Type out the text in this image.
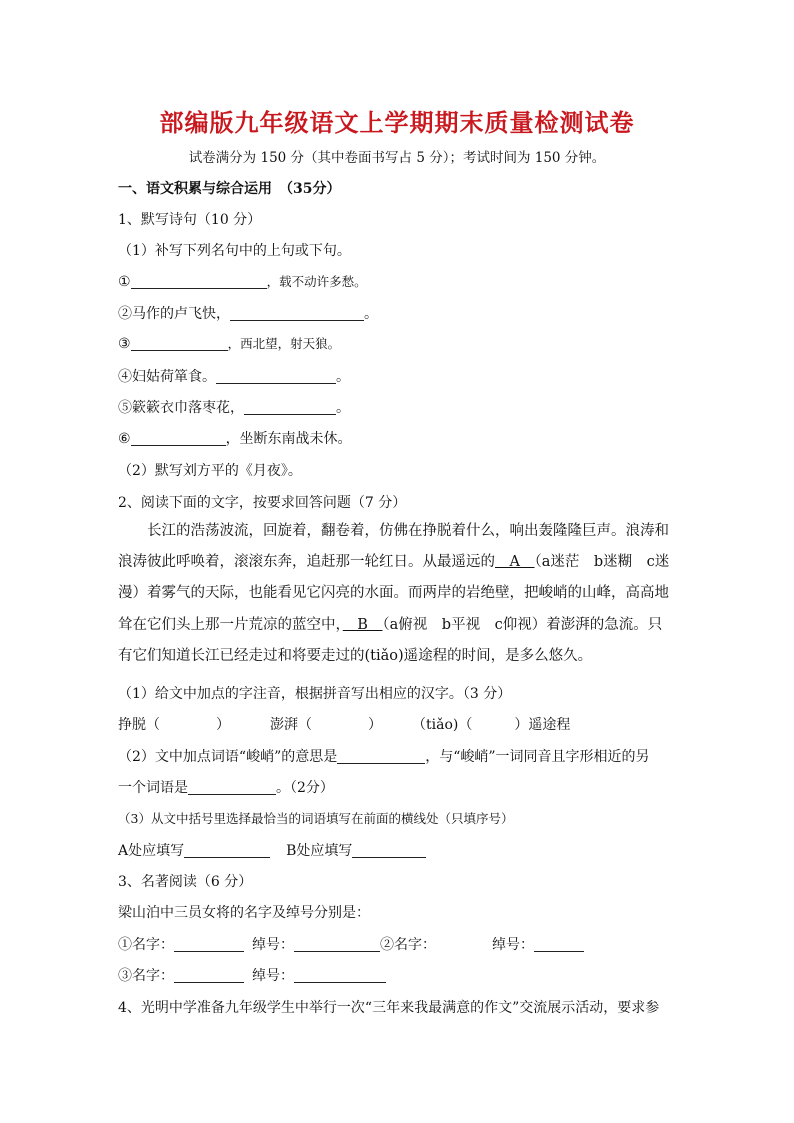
部编版九年级语文上学期期末质量检测试卷
试卷满分为 150 分（其中卷面书写占 5 分）；考试时间为 150 分钟。
一、语文积累与综合运用　（35分）
1、默写诗句（10 分）
（1）补写下列名句中的上句或下句。
①	，载不动许多愁。
②马作的卢飞快，	。
③	，西北望，射天狼。
④妇姑荷箪食。	。
⑤簌簌衣巾落枣花，	。
⑥	，坐断东南战未休。
（2）默写刘方平的《月夜》。
2、阅读下面的文字，按要求回答问题（7 分）
　　长江的浩荡波流，回旋着，翻卷着，仿佛在挣脱着什么，响出轰隆隆巨声。浪涛和浪涛彼此呼唤着，滚滚东奔，追赶那一轮红日。从最遥远的　A　（a迷茫　b迷糊　c迷漫）着雾气的天际，也能看见它闪亮的水面。而两岸的岩绝壁，把峻峭的山峰，高高地耸在它们头上那一片荒凉的蓝空中，　B　（a俯视　b平视　c仰视）着澎湃的急流。只有它们知道长江已经走过和将要走过的(tiǎo)遥途程的时间，是多么悠久。
（1）给文中加点的字注音，根据拼音写出相应的汉字。（3 分）
挣脱（　　　　）	澎湃（　　　　） （tiǎo)（　　　）遥途程
（2）文中加点词语“峻峭”的意思是	，与“峻峭”一词同音且字形相近的另
一个词语是	。（2分）
（3）从文中括号里选择最恰当的词语填写在前面的横线处（只填序号）
A处应填写	B处应填写
3、名著阅读（6 分）
梁山泊中三员女将的名字及绰号分别是：
①名字：	绰号：	②名字：	绰号：
③名字：	绰号：
4、光明中学准备九年级学生中举行一次“三年来我最满意的作文”交流展示活动，要求参
